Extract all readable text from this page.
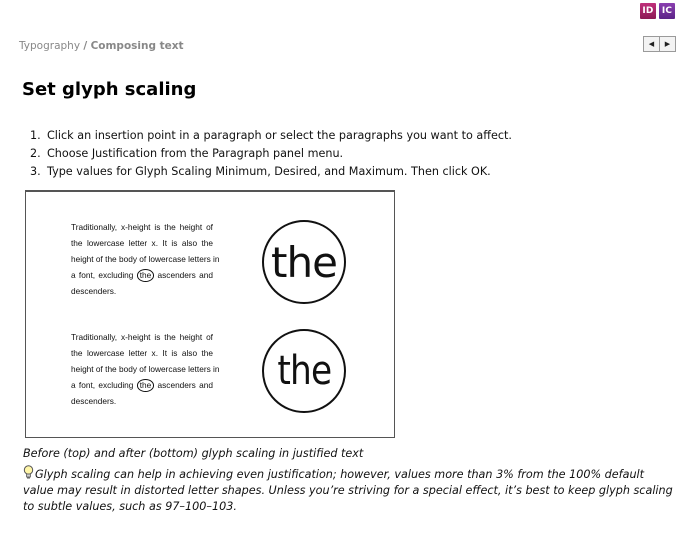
ID IC
◀ ▶
Typography / Composing text
Set glyph scaling
1. Click an insertion point in a paragraph or select the paragraphs you want to affect.
2. Choose Justification from the Paragraph panel menu.
3. Type values for Glyph Scaling Minimum, Desired, and Maximum. Then click OK.
Traditionally, x-height is the height of
the lowercase letter x. It is also the
height of the body of lowercase letters in
a font, excluding the ascenders and
descenders.
the
Traditionally, x-height is the height of
the lowercase letter x. It is also the
height of the body of lowercase letters in
a font, excluding the ascenders and
descenders.
the
Before (top) and after (bottom) glyph scaling in justified text
Glyph scaling can help in achieving even justification; however, values more than 3% from the 100% default value may result in distorted letter shapes. Unless you’re striving for a special effect, it’s best to keep glyph scaling to subtle values, such as 97–100–103.
